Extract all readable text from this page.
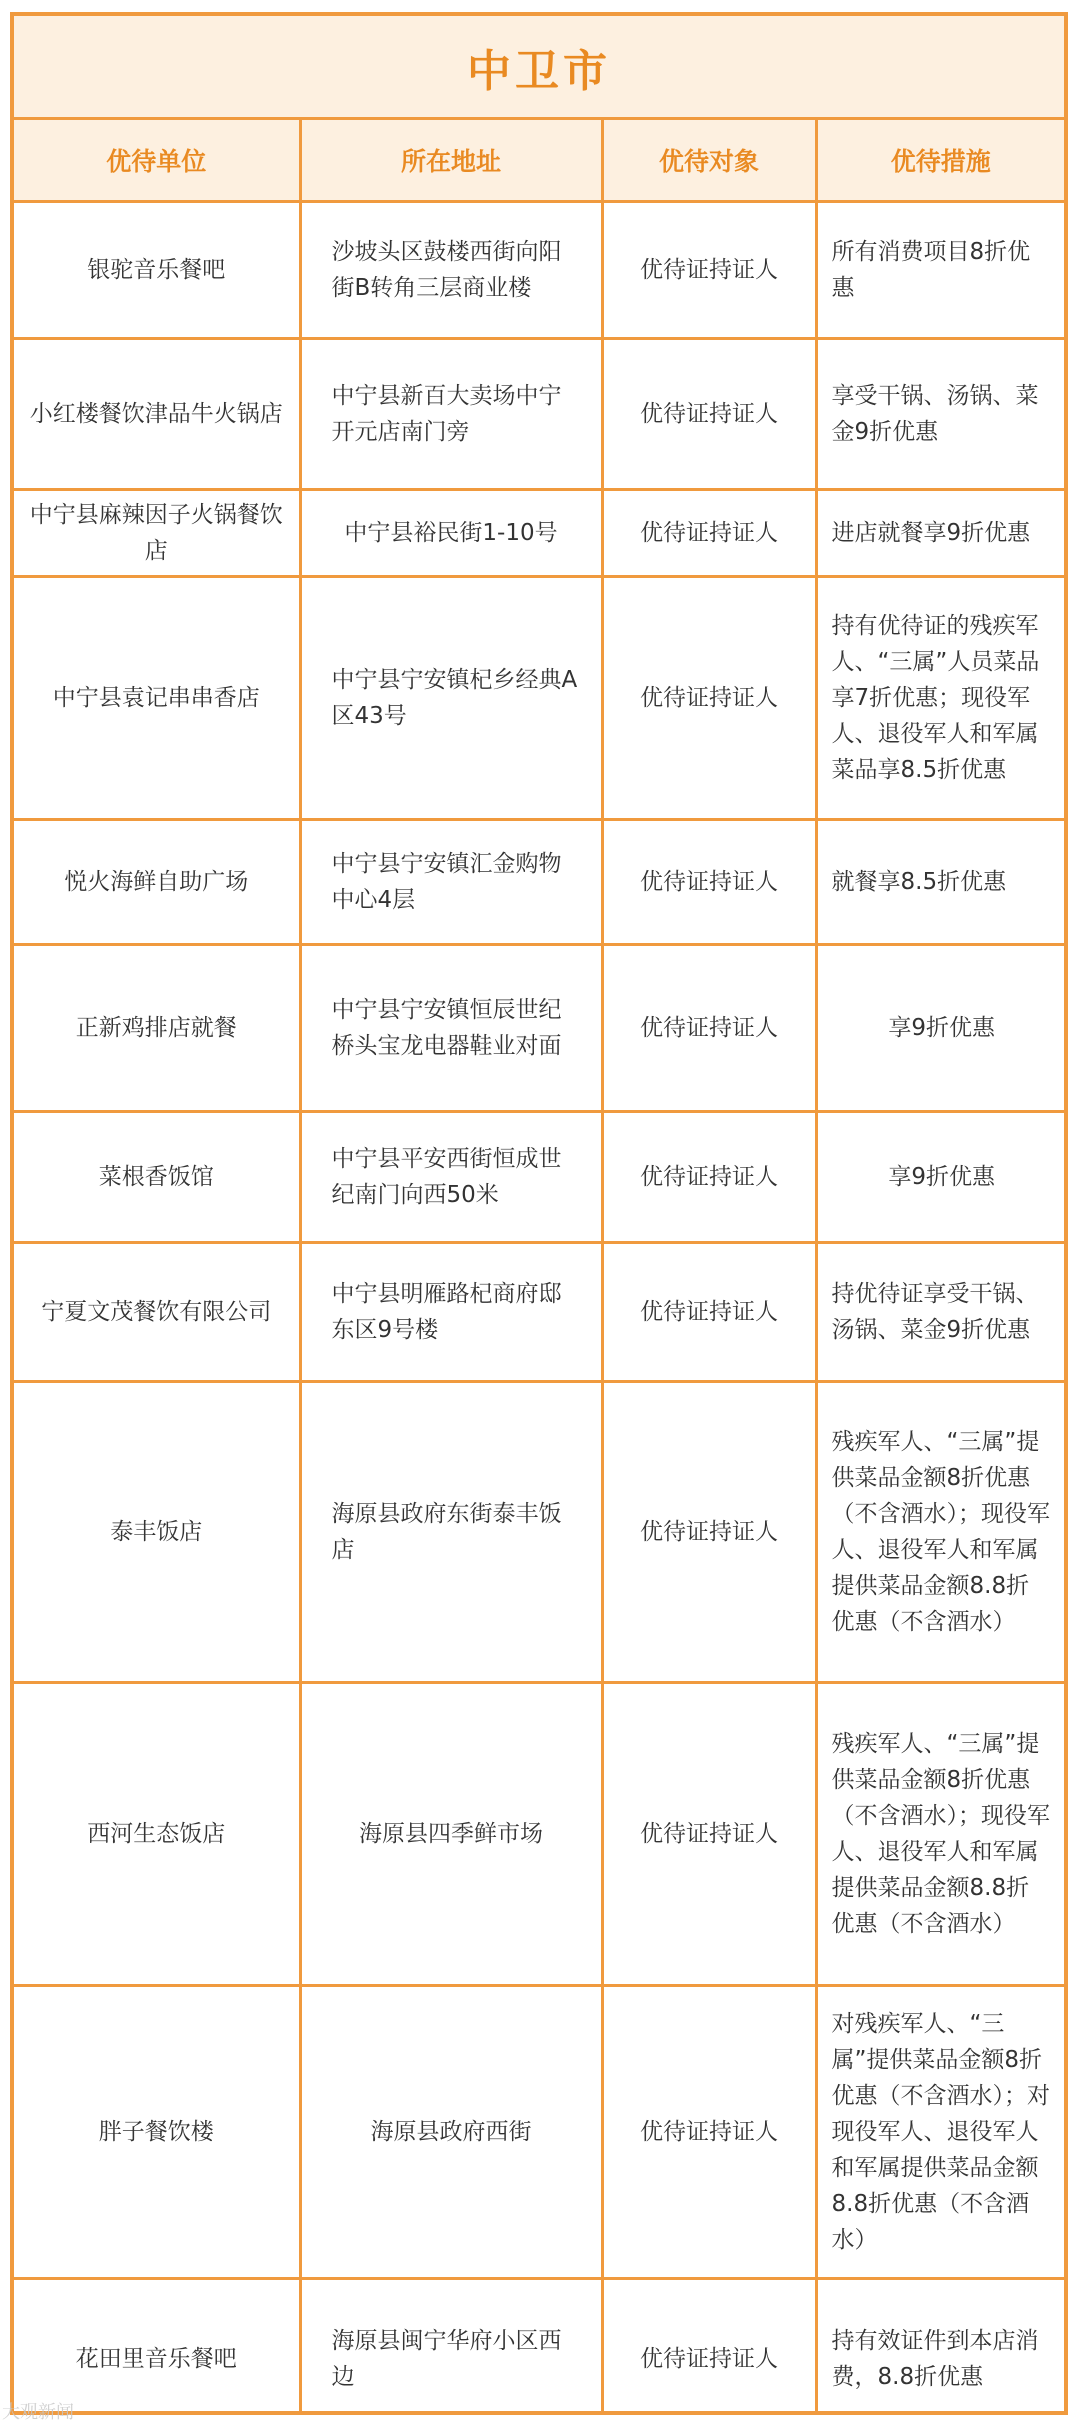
中卫市
优待单位	所在地址	优待对象	优待措施
银驼音乐餐吧	沙坡头区鼓楼西街向阳街B转角三层商业楼	优待证持证人	所有消费项目8折优惠
小红楼餐饮津品牛火锅店	中宁县新百大卖场中宁开元店南门旁	优待证持证人	享受干锅、汤锅、菜金9折优惠
中宁县麻辣因子火锅餐饮店	中宁县裕民街1-10号	优待证持证人	进店就餐享9折优惠
中宁县袁记串串香店	中宁县宁安镇杞乡经典A区43号	优待证持证人	持有优待证的残疾军人、“三属”人员菜品享7折优惠；现役军人、退役军人和军属菜品享8.5折优惠
悦火海鲜自助广场	中宁县宁安镇汇金购物中心4层	优待证持证人	就餐享8.5折优惠
正新鸡排店就餐	中宁县宁安镇恒辰世纪桥头宝龙电器鞋业对面	优待证持证人	享9折优惠
菜根香饭馆	中宁县平安西街恒成世纪南门向西50米	优待证持证人	享9折优惠
宁夏文茂餐饮有限公司	中宁县明雁路杞商府邸东区9号楼	优待证持证人	持优待证享受干锅、汤锅、菜金9折优惠
泰丰饭店	海原县政府东街泰丰饭店	优待证持证人	残疾军人、“三属”提供菜品金额8折优惠（不含酒水）；现役军人、退役军人和军属提供菜品金额8.8折优惠（不含酒水）
西河生态饭店	海原县四季鲜市场	优待证持证人	残疾军人、“三属”提供菜品金额8折优惠（不含酒水）；现役军人、退役军人和军属提供菜品金额8.8折优惠（不含酒水）
胖子餐饮楼	海原县政府西街	优待证持证人	对残疾军人、“三属”提供菜品金额8折优惠（不含酒水）；对现役军人、退役军人和军属提供菜品金额8.8折优惠（不含酒水）
花田里音乐餐吧	海原县闽宁华府小区西边	优待证持证人	持有效证件到本店消费，8.8折优惠
大观新闻
